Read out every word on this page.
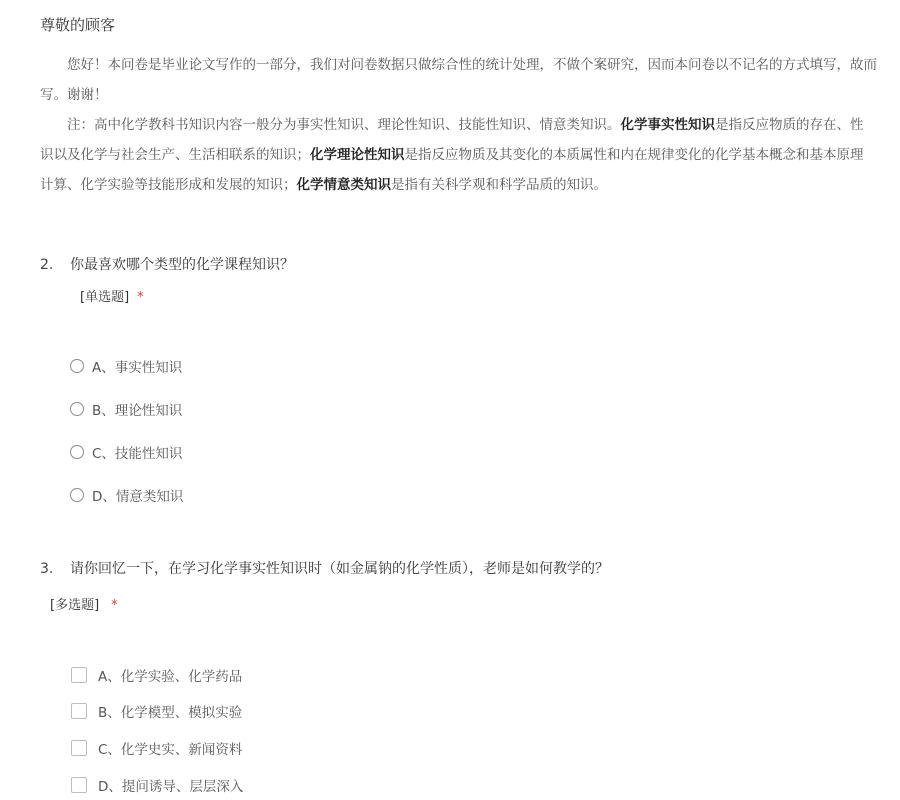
尊敬的顾客
您好！本问卷是毕业论文写作的一部分，我们对问卷数据只做综合性的统计处理，不做个案研究，因而本问卷以不记名的方式填写，故而
写。谢谢！
注：高中化学教科书知识内容一般分为事实性知识、理论性知识、技能性知识、情意类知识。化学事实性知识是指反应物质的存在、性
识以及化学与社会生产、生活相联系的知识；化学理论性知识是指反应物质及其变化的本质属性和内在规律变化的化学基本概念和基本原理
计算、化学实验等技能形成和发展的知识；化学情意类知识是指有关科学观和科学品质的知识。
2. 你最喜欢哪个类型的化学课程知识？
[单选题] *
A、事实性知识
B、理论性知识
C、技能性知识
D、情意类知识
3. 请你回忆一下，在学习化学事实性知识时（如金属钠的化学性质），老师是如何教学的？
[多选题] *
A、化学实验、化学药品
B、化学模型、模拟实验
C、化学史实、新闻资料
D、提问诱导、层层深入
